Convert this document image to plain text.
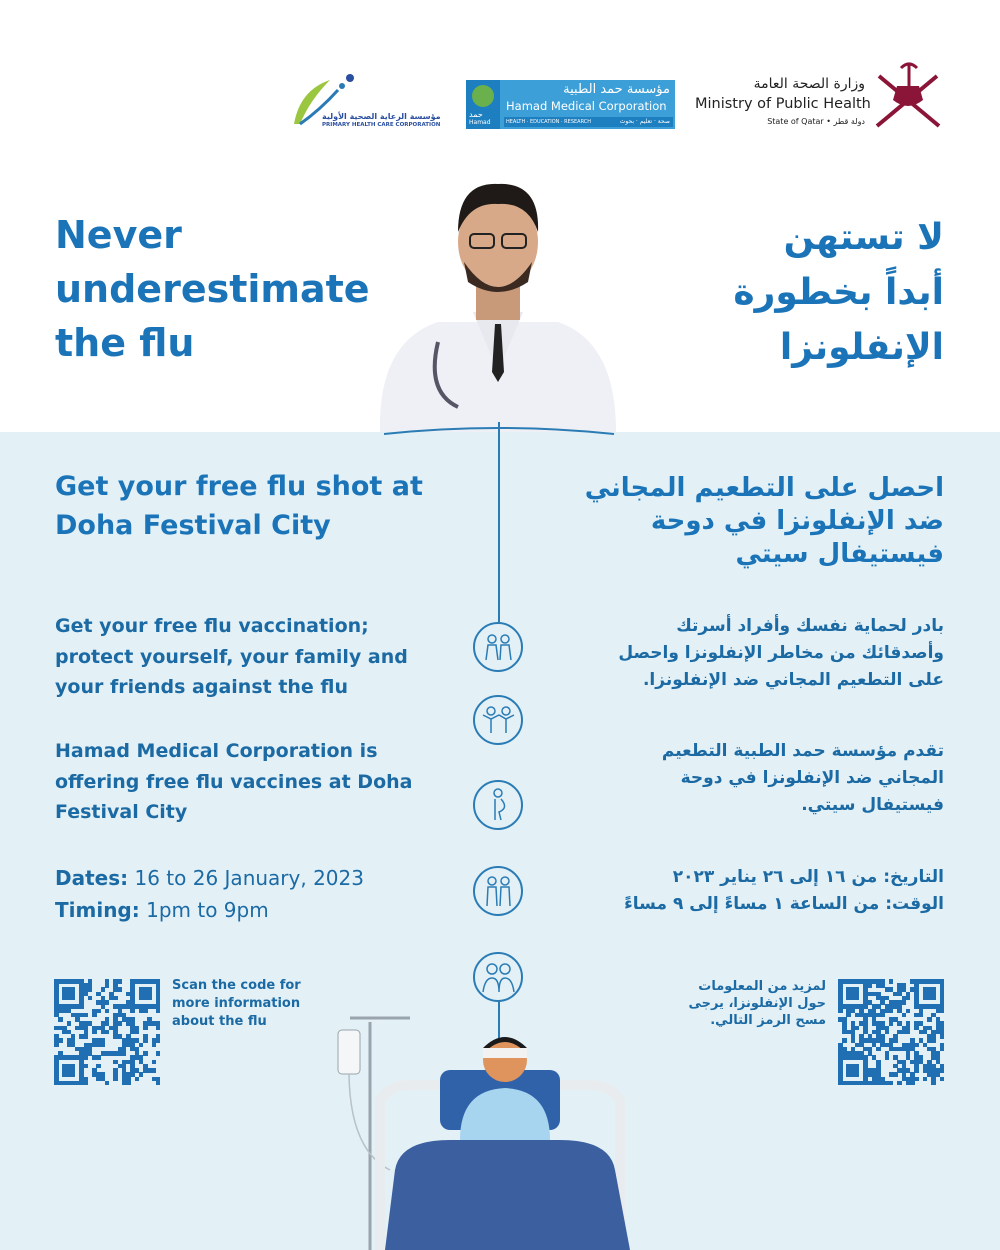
مؤسسة الرعاية الصحية الأولية
PRIMARY HEALTH CARE CORPORATION
حمد
Hamad
مؤسسة حمد الطبية
Hamad Medical Corporation
HEALTH · EDUCATION · RESEARCH	صحة · تعليم · بحوث
وزارة الصحة العامة
Ministry of Public Health
State of Qatar • دولة قطر
Never
underestimate
the flu
لا تستهن
أبداً بخطورة
الإنفلونزا
Get your free flu shot at
Doha Festival City
احصل على التطعيم المجاني
ضد الإنفلونزا في دوحة
فيستيفال سيتي
Get your free flu vaccination;
protect yourself, your family and
your friends against the flu
بادر لحماية نفسك وأفراد أسرتك
وأصدقائك من مخاطر الإنفلونزا واحصل
على التطعيم المجاني ضد الإنفلونزا.
Hamad Medical Corporation is
offering free flu vaccines at Doha
Festival City
تقدم مؤسسة حمد الطبية التطعيم
المجاني ضد الإنفلونزا في دوحة
فيستيفال سيتي.
Dates: 16 to 26 January, 2023
Timing: 1pm to 9pm
التاريخ: من ١٦ إلى ٢٦ يناير ٢٠٢٣
الوقت: من الساعة ١ مساءً إلى ٩ مساءً
Scan the code for
more information
about the flu
لمزيد من المعلومات
حول الإنفلونزا، يرجى
مسح الرمز التالي.
